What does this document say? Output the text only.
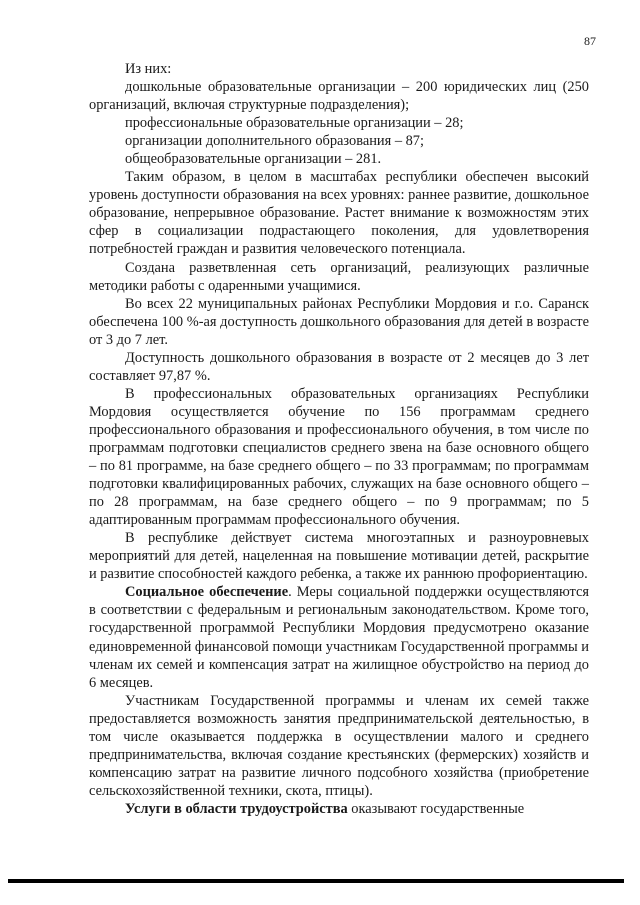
87

Из них:

дошкольные образовательные организации – 200 юридических лиц (250 организаций, включая структурные подразделения);

профессиональные образовательные организации – 28;

организации дополнительного образования – 87;

общеобразовательные организации – 281.

Таким образом, в целом в масштабах республики обеспечен высокий уровень доступности образования на всех уровнях: раннее развитие, дошкольное образование, непрерывное образование. Растет внимание к возможностям этих сфер в социализации подрастающего поколения, для удовлетворения потребностей граждан и развития человеческого потенциала.

Создана разветвленная сеть организаций, реализующих различные методики работы с одаренными учащимися.

Во всех 22 муниципальных районах Республики Мордовия и г.о. Саранск обеспечена 100 %-ая доступность дошкольного образования для детей в возрасте от 3 до 7 лет.

Доступность дошкольного образования в возрасте от 2 месяцев до 3 лет составляет 97,87 %.

В профессиональных образовательных организациях Республики Мордовия осуществляется обучение по 156 программам среднего профессионального образования и профессионального обучения, в том числе по программам подготовки специалистов среднего звена на базе основного общего – по 81 программе, на базе среднего общего – по 33 программам; по программам подготовки квалифицированных рабочих, служащих на базе основного общего – по 28 программам, на базе среднего общего – по 9 программам; по 5 адаптированным программам профессионального обучения.

В республике действует система многоэтапных и разноуровневых мероприятий для детей, нацеленная на повышение мотивации детей, раскрытие и развитие способностей каждого ребенка, а также их раннюю профориентацию.

Социальное обеспечение. Меры социальной поддержки осуществляются в соответствии с федеральным и региональным законодательством. Кроме того, государственной программой Республики Мордовия предусмотрено оказание единовременной финансовой помощи участникам Государственной программы и членам их семей и компенсация затрат на жилищное обустройство на период до 6 месяцев.

Участникам Государственной программы и членам их семей также предоставляется возможность занятия предпринимательской деятельностью, в том числе оказывается поддержка в осуществлении малого и среднего предпринимательства, включая создание крестьянских (фермерских) хозяйств и компенсацию затрат на развитие личного подсобного хозяйства (приобретение сельскохозяйственной техники, скота, птицы).

Услуги в области трудоустройства оказывают государственные
